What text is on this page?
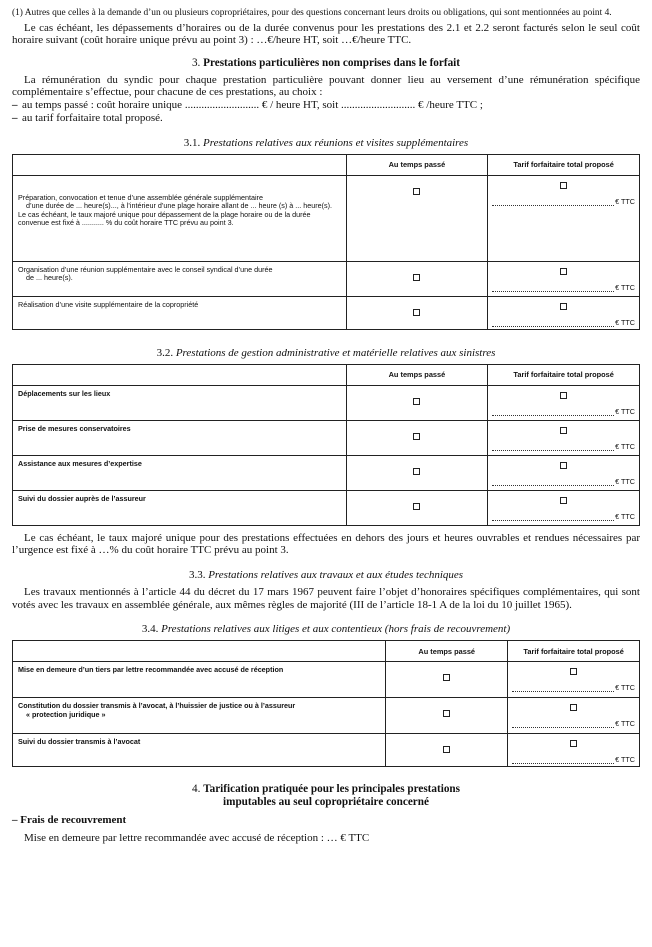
(1) Autres que celles à la demande d’un ou plusieurs copropriétaires, pour des questions concernant leurs droits ou obligations, qui sont mentionnées au point 4.

Le cas échéant, les dépassements d’horaires ou de la durée convenus pour les prestations des 2.1 et 2.2 seront facturés selon le seul coût horaire suivant (coût horaire unique prévu au point 3) : …€/heure HT, soit …€/heure TTC.

3. Prestations particulières non comprises dans le forfait

La rémunération du syndic pour chaque prestation particulière pouvant donner lieu au versement d’une rémunération spécifique complémentaire s’effectue, pour chacune de ces prestations, au choix :

– au temps passé : coût horaire unique ........................... € / heure HT, soit ........................... € /heure TTC ;
– au tarif forfaitaire total proposé.
3.1. Prestations relatives aux réunions et visites supplémentaires
	Au temps passé	Tarif forfaitaire total proposé

Préparation, convocation et tenue d’une assemblée générale supplémentaire
d’une durée de ... heure(s)..., à l’intérieur d’une plage horaire allant de ... heure (s) à ... heure(s).
Le cas échéant, le taux majoré unique pour dépassement de la plage horaire ou de la durée convenue est fixé à ........... % du coût horaire TTC prévu au point 3.		€ TTC

Organisation d’une réunion supplémentaire avec le conseil syndical d’une durée
de ... heure(s).		€ TTC

Réalisation d’une visite supplémentaire de la copropriété		€ TTC
3.2. Prestations de gestion administrative et matérielle relatives aux sinistres
	Au temps passé	Tarif forfaitaire total proposé
Déplacements sur les lieux		€ TTC

Prise de mesures conservatoires		€ TTC

Assistance aux mesures d’expertise		€ TTC

Suivi du dossier auprès de l’assureur		€ TTC

Le cas échéant, le taux majoré unique pour des prestations effectuées en dehors des jours et heures ouvrables et rendues nécessaires par l’urgence est fixé à …% du coût horaire TTC prévu au point 3.

3.3. Prestations relatives aux travaux et aux études techniques

Les travaux mentionnés à l’article 44 du décret du 17 mars 1967 peuvent faire l’objet d’honoraires spécifiques complémentaires, qui sont votés avec les travaux en assemblée générale, aux mêmes règles de majorité (III de l’article 18-1 A de la loi du 10 juillet 1965).

3.4. Prestations relatives aux litiges et aux contentieux (hors frais de recouvrement)
	Au temps passé	Tarif forfaitaire total proposé

Mise en demeure d’un tiers par lettre recommandée avec accusé de réception		€ TTC

Constitution du dossier transmis à l’avocat, à l’huissier de justice ou à l’assureur
« protection juridique »		€ TTC

Suivi du dossier transmis à l’avocat		€ TTC
4. Tarification pratiquée pour les principales prestations
imputables au seul copropriétaire concerné
– Frais de recouvrement

Mise en demeure par lettre recommandée avec accusé de réception : … € TTC
